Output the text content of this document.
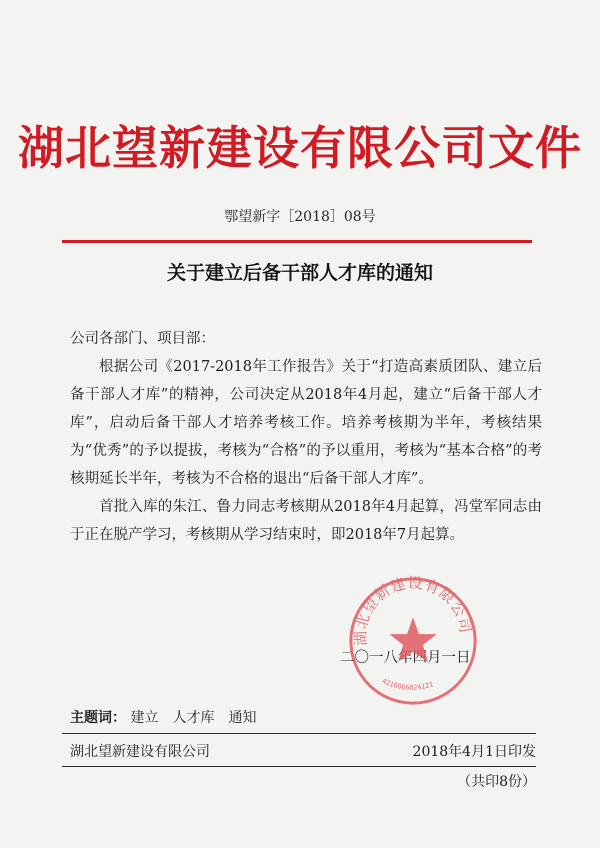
湖北望新建设有限公司文件
鄂望新字［2018］08号
关于建立后备干部人才库的通知

公司各部门、项目部：

根据公司《2017-2018年工作报告》关于“打造高素质团队、建立后备干部人才库”的精神，公司决定从2018年4月起，建立“后备干部人才库”，启动后备干部人才培养考核工作。培养考核期为半年，考核结果为“优秀”的予以提拔，考核为“合格”的予以重用，考核为“基本合格”的考核期延长半年，考核为不合格的退出“后备干部人才库”。

首批入库的朱江、鲁力同志考核期从2018年4月起算，冯堂军同志由于正在脱产学习，考核期从学习结束时，即2018年7月起算。

二〇一八年四月一日
湖北望新建设有限公司
4210066024121
主题词： 建立　人才库　通知
湖北望新建设有限公司	2018年4月1日印发
（共印8份）
